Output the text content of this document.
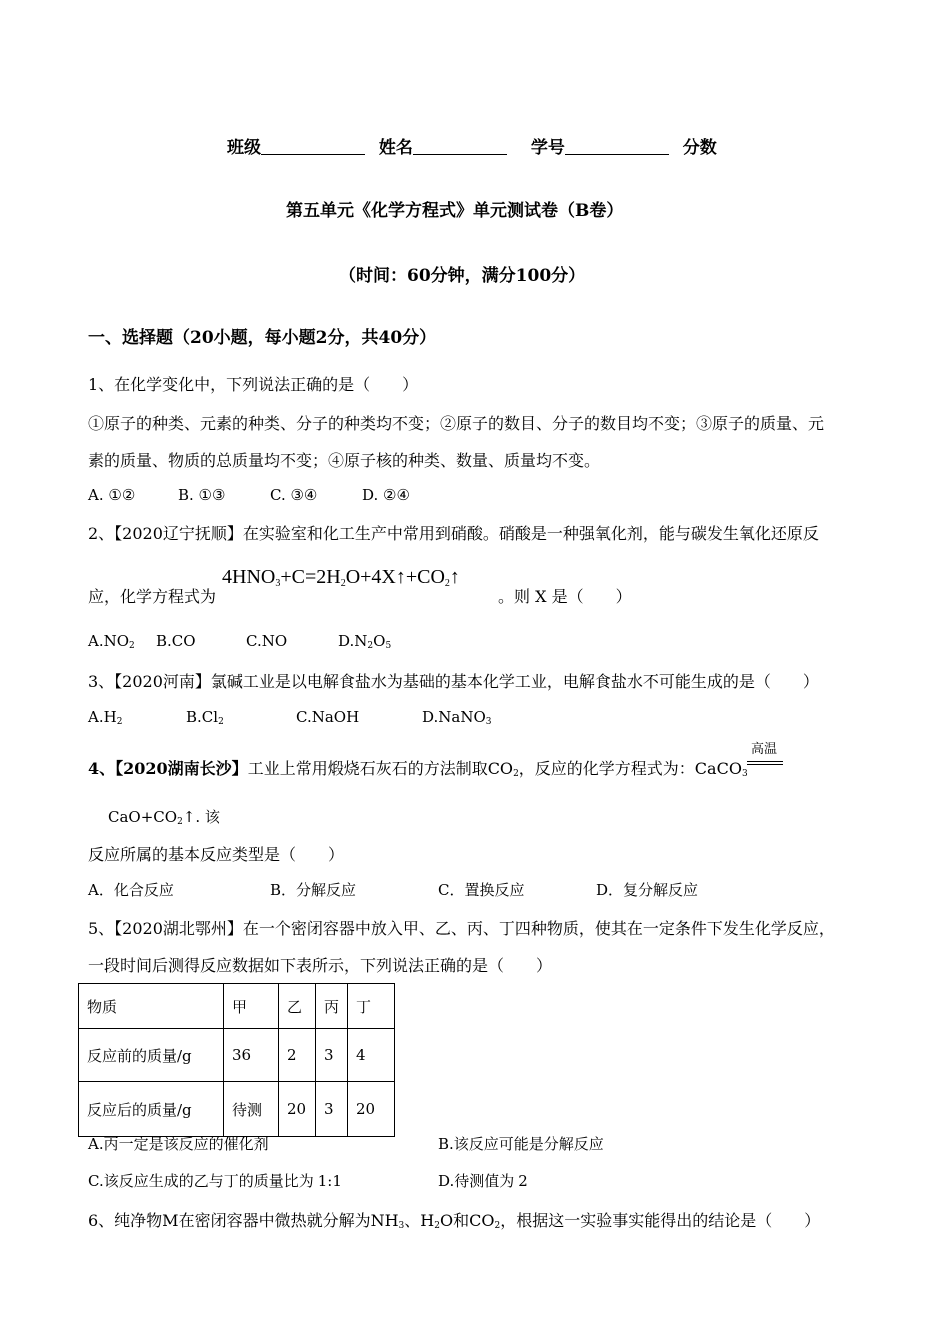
班级	姓名	学号	分数
第五单元《化学方程式》单元测试卷（B卷）
（时间：60分钟，满分100分）
一、选择题（20小题，每小题2分，共40分）
1、在化学变化中，下列说法正确的是（　　）
①原子的种类、元素的种类、分子的种类均不变；②原子的数目、分子的数目均不变；③原子的质量、元
素的质量、物质的总质量均不变；④原子核的种类、数量、质量均不变。
A. ①②	B. ①③	C. ③④	D. ②④
2、【2020辽宁抚顺】在实验室和化工生产中常用到硝酸。硝酸是一种强氧化剂，能与碳发生氧化还原反
应，化学方程式为
$4HNO_3+C=2H_2O+4X↑+CO_2↑$
。则 X 是（　　）
A.NO2 B.CO	C.NO	D.N2O5
3、【2020河南】氯碱工业是以电解食盐水为基础的基本化学工业，电解食盐水不可能生成的是（　　）
A.H2	B.Cl2	C.NaOH	D.NaNO3
4、【2020湖南长沙】工业上常用煅烧石灰石的方法制取CO2，反应的化学方程式为：CaCO3
高温
CaO+CO2↑. 该
反应所属的基本反应类型是（　　）
A．化合反应	B．分解反应	C．置换反应	D．复分解反应
5、【2020湖北鄂州】在一个密闭容器中放入甲、乙、丙、丁四种物质，使其在一定条件下发生化学反应，
一段时间后测得反应数据如下表所示，下列说法正确的是（　　）
物质	甲	乙	丙	丁
反应前的质量/g	36	2	3	4
反应后的质量/g	待测	20	3	20
A.丙一定是该反应的催化剂	B.该反应可能是分解反应
C.该反应生成的乙与丁的质量比为 1:1	D.待测值为 2
6、纯净物M在密闭容器中微热就分解为NH3、H2O和CO2，根据这一实验事实能得出的结论是（　　）
